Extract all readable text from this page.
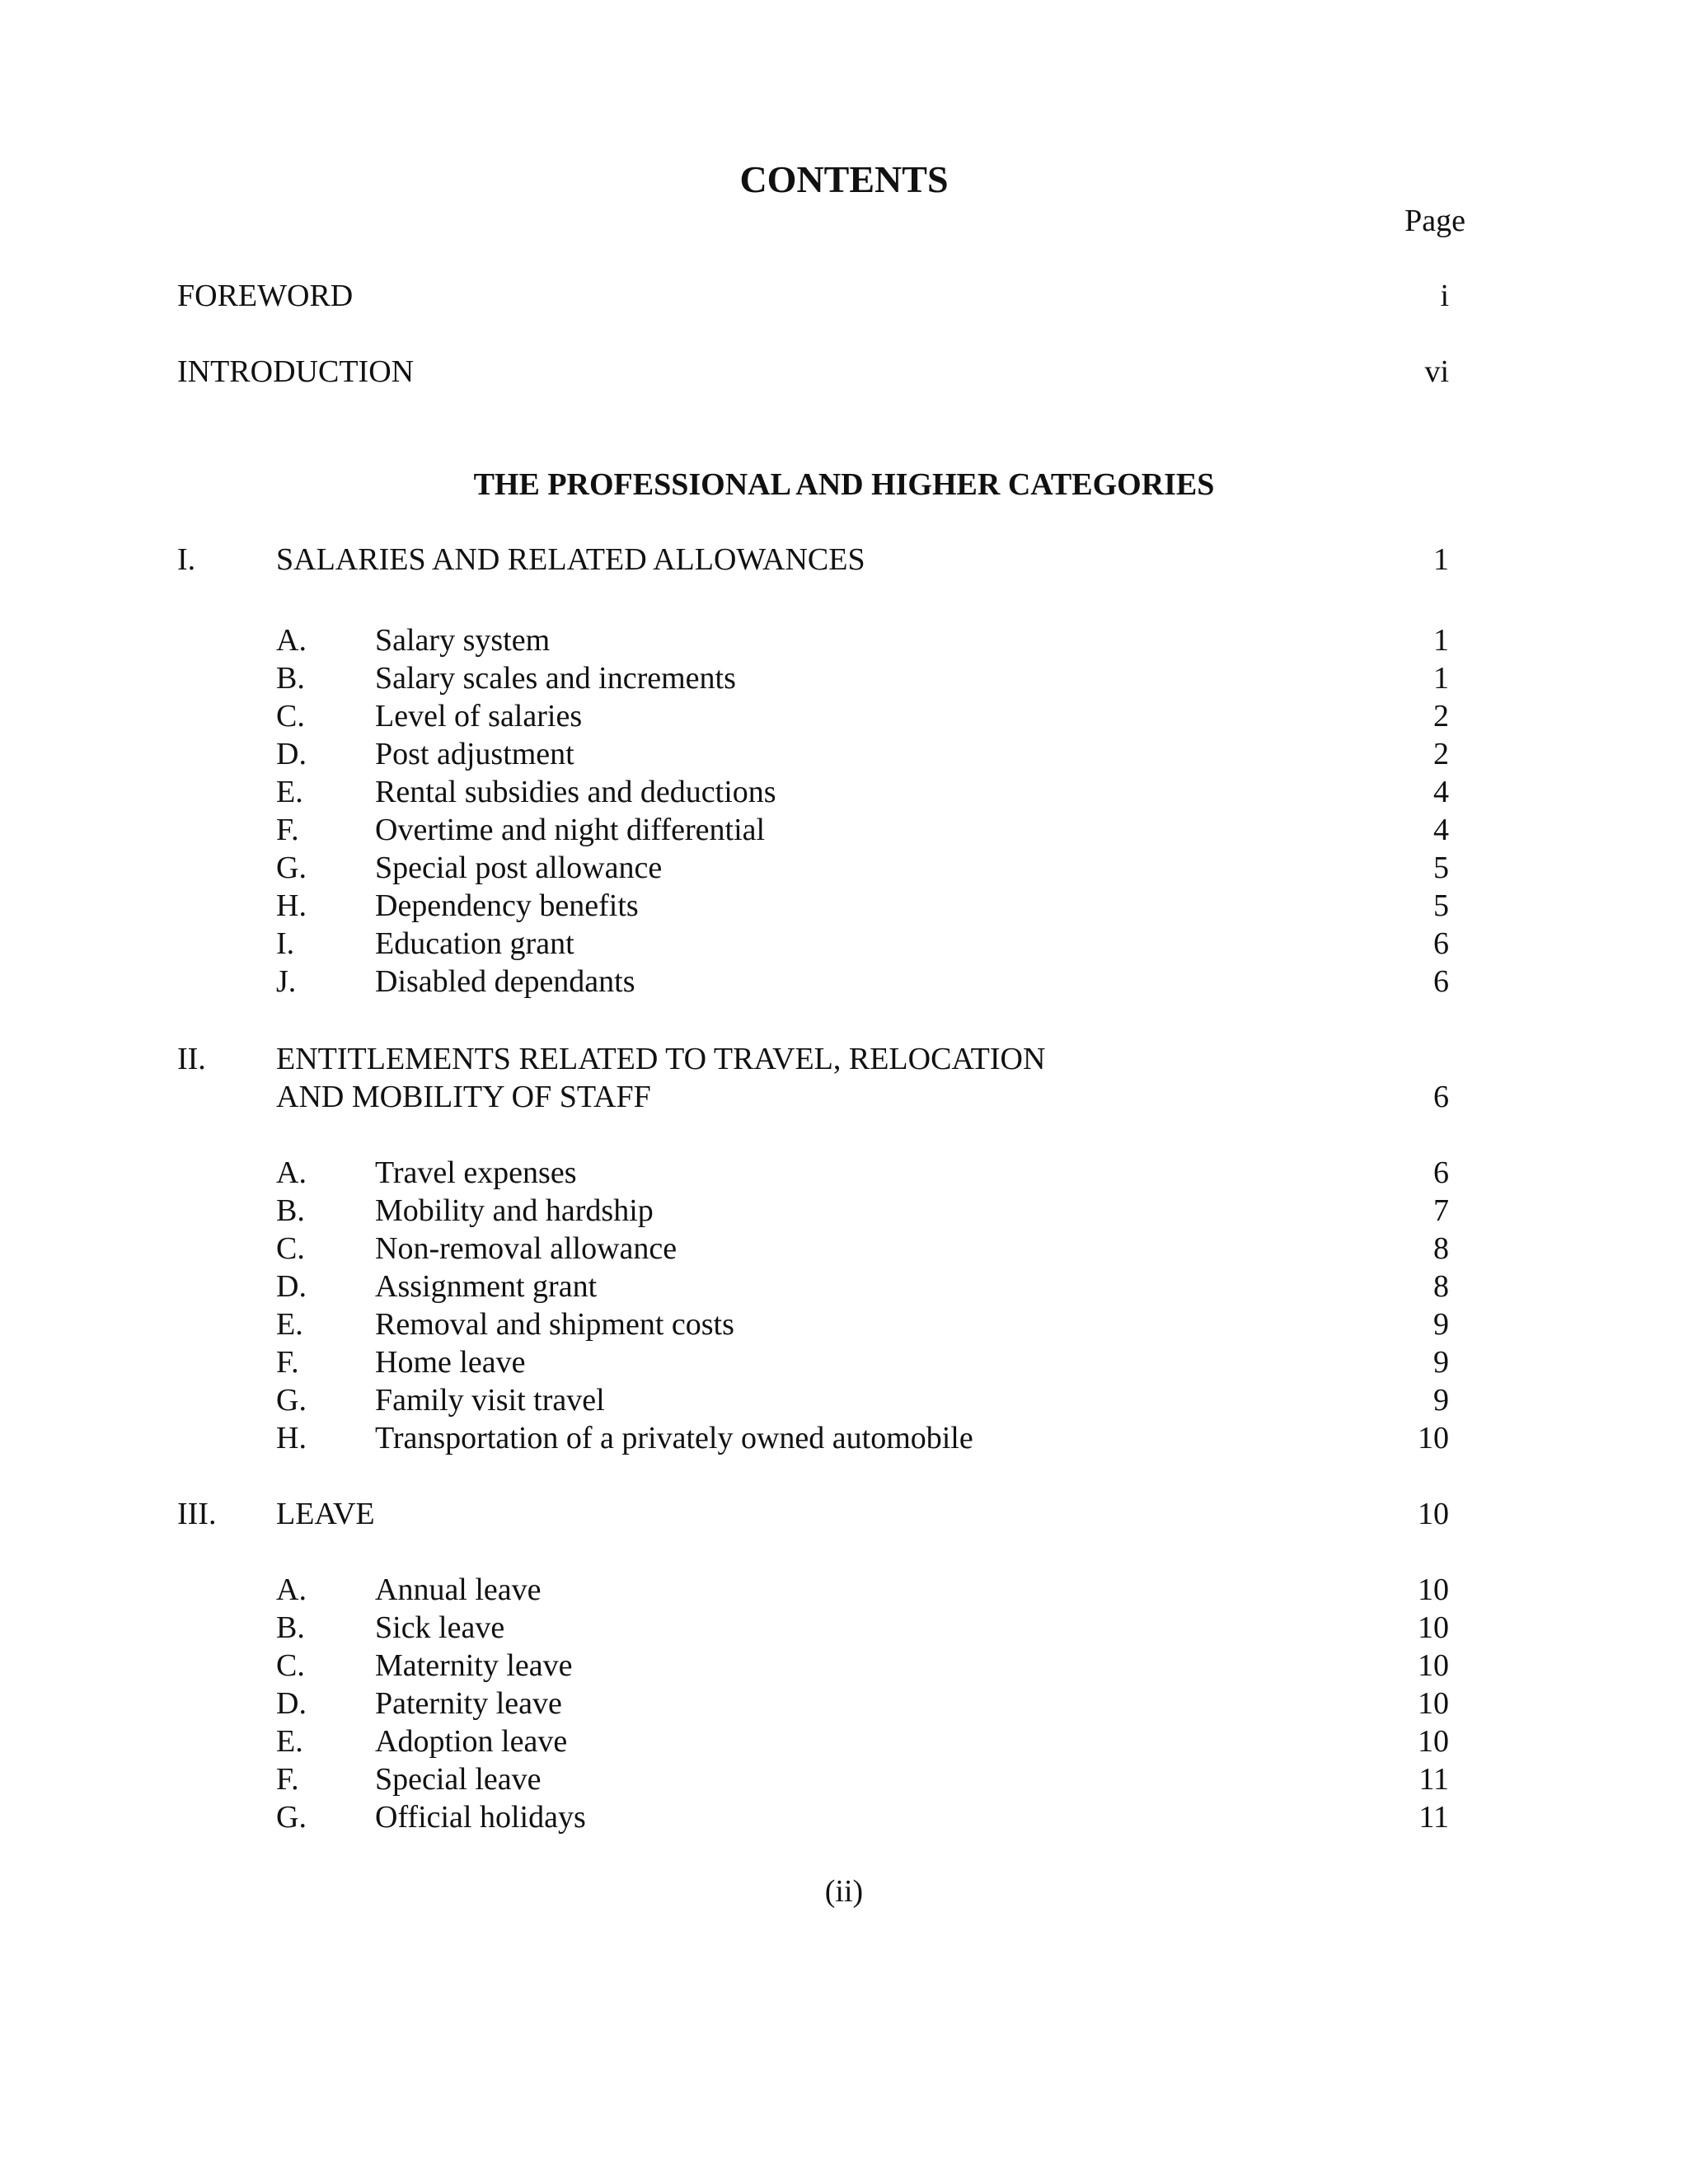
CONTENTS
Page
FOREWORD	i
INTRODUCTION	vi
THE PROFESSIONAL AND HIGHER CATEGORIES
I.	SALARIES AND RELATED ALLOWANCES	1
A. Salary system	1
B. Salary scales and increments	1
C. Level of salaries	2
D. Post adjustment	2
E. Rental subsidies and deductions	4
F. Overtime and night differential	4
G. Special post allowance	5
H. Dependency benefits	5
I.	Education grant	6
J.	Disabled dependants	6
II. ENTITLEMENTS RELATED TO TRAVEL, RELOCATION
AND MOBILITY OF STAFF	6
A. Travel expenses	6
B. Mobility and hardship	7
C. Non-removal allowance	8
D. Assignment grant	8
E. Removal and shipment costs	9
F. Home leave	9
G. Family visit travel	9
H. Transportation of a privately owned automobile	10
III. LEAVE	10
A. Annual leave	10
B. Sick leave	10
C. Maternity leave	10
D. Paternity leave	10
E. Adoption leave	10
F. Special leave	11
G. Official holidays	11
(ii)
